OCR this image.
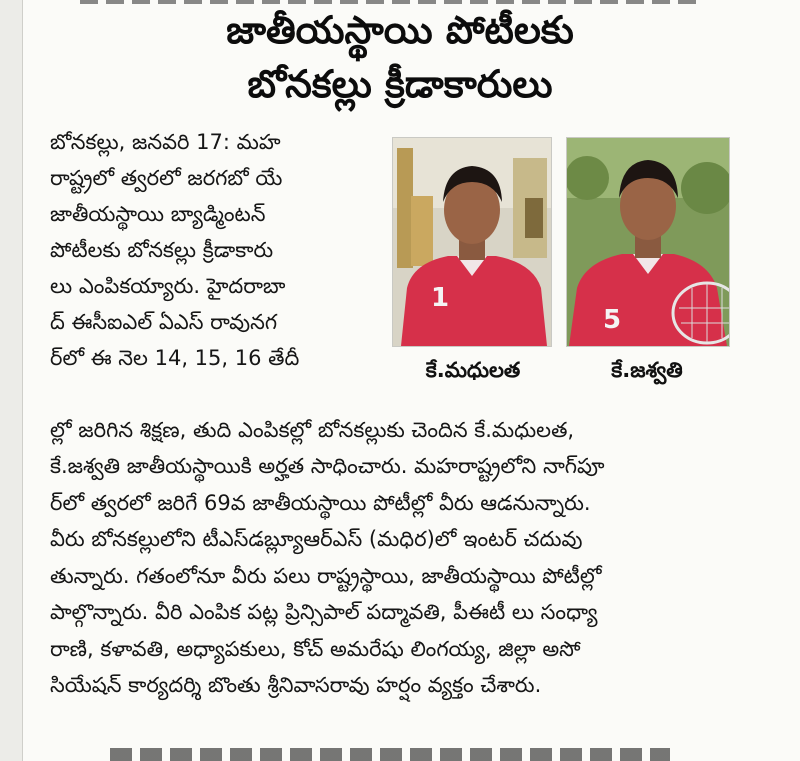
జాతీయస్థాయి పోటీలకు
బోనకల్లు క్రీడాకారులు
బోనకల్లు, జనవరి 17: మహ
రాష్ట్రలో త్వరలో జరగబో యే
జాతీయస్థాయి బ్యాడ్మింటన్
పోటీలకు బోనకల్లు క్రీడాకారు
లు ఎంపికయ్యారు. హైదరాబా
ద్ ఈసీఐఎల్ ఏఎస్ రావునగ
ర్‌లో ఈ నెల 14, 15, 16 తేదీ
1
5
కే.మధులత	కే.జశ్వతి
ల్లో జరిగిన శిక్షణ, తుది ఎంపికల్లో బోనకల్లుకు చెందిన కే.మధులత,
కే.జశ్వతి జాతీయస్థాయికి అర్హత సాధించారు. మహరాష్ట్రలోని నాగ్‌పూ
ర్‌లో త్వరలో జరిగే 69వ జాతీయస్థాయి పోటీల్లో వీరు ఆడనున్నారు.
వీరు బోనకల్లులోని టీఎస్‌డబ్ల్యూఆర్‌ఎస్ (మధిర)లో ఇంటర్ చదువు
తున్నారు. గతంలోనూ వీరు పలు రాష్ట్రస్థాయి, జాతీయస్థాయి పోటీల్లో
పాల్గొన్నారు. వీరి ఎంపిక పట్ల ప్రిన్సిపాల్ పద్మావతి, పీఈటీ లు సంధ్యా
రాణి, కళావతి, అధ్యాపకులు, కోచ్ అమరేషు లింగయ్య, జిల్లా అసో
సియేషన్ కార్యదర్శి బొంతు శ్రీనివాసరావు హర్షం వ్యక్తం చేశారు.
